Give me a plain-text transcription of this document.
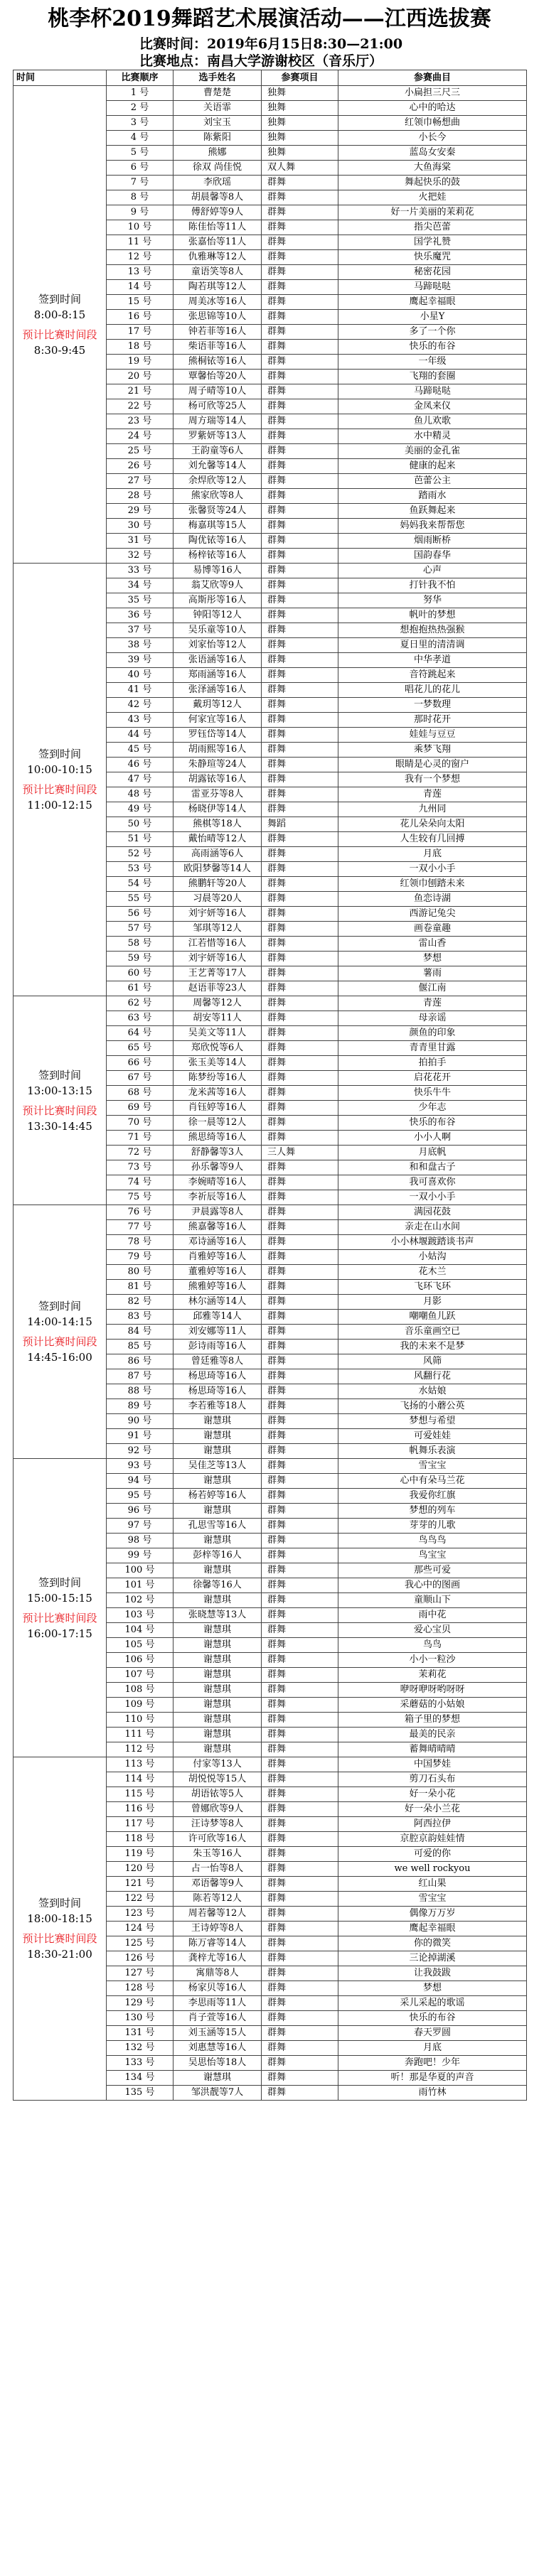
桃李杯2019舞蹈艺术展演活动——江西选拔赛
比赛时间：2019年6月15日8:30—21:00
比赛地点：南昌大学游谢校区（音乐厅）
时间	比赛顺序	选手姓名	参赛项目	参赛曲目

签到时间
8:00-8:15
预计比赛时间段
8:30-9:45	1 号	曹楚楚	独舞	小扁担三尺三
	2 号	关语霏	独舞	心中的哈达
	3 号	刘宝玉	独舞	红领巾畅想曲
	4 号	陈紫阳	独舞	小长今
	5 号	熊娜	独舞	蓝岛女安秦
	6 号	徐双 尚佳悦	双人舞	大鱼海棠
	7 号	李欣瑶	群舞	舞起快乐的鼓
	8 号	胡晨馨等8人	群舞	火把娃
	9 号	傅舒婷等9人	群舞	好一片美丽的茉莉花
	10 号	陈佳怡等11人	群舞	指尖芭蕾
	11 号	张嘉怡等11人	群舞	国学礼赞
	12 号	仇雅琳等12人	群舞	快乐魔咒
	13 号	童语笑等8人	群舞	秘密花园
	14 号	陶若琪等12人	群舞	马蹄哒哒
	15 号	周美冰等16人	群舞	鹰起幸福眼
	16 号	张思锦等10人	群舞	小星Y
	17 号	钟若菲等16人	群舞	多了一个你
	18 号	柴语菲等16人	群舞	快乐的布谷
	19 号	熊桐铱等16人	群舞	一年级
	20 号	覃馨怡等20人	群舞	飞翔的套圈
	21 号	周子晴等10人	群舞	马蹄哒哒
	22 号	杨可欣等25人	群舞	金凤来仪
	23 号	周方瑞等14人	群舞	鱼儿欢歌
	24 号	罗紫妍等13人	群舞	水中精灵
	25 号	王韵童等6人	群舞	美丽的金孔雀
	26 号	刘允馨等14人	群舞	健康的起来
	27 号	余焊欣等12人	群舞	芭蕾公主
	28 号	熊家欣等8人	群舞	踏雨水
	29 号	张馨贤等24人	群舞	鱼跃舞起来
	30 号	梅嘉琪等15人	群舞	妈妈我来帮帮您
	31 号	陶优铱等16人	群舞	烟雨断桥
	32 号	杨梓铱等16人	群舞	国韵春华

签到时间
10:00-10:15
预计比赛时间段
11:00-12:15	33 号	易博等16人	群舞	心声
	34 号	翁艾欣等9人	群舞	打针我不怕
	35 号	高斯彤等16人	群舞	努华
	36 号	钟阳等12人	群舞	帆叶的梦想
	37 号	吴乐童等10人	群舞	想抱抱热热强猴
	38 号	刘家怡等12人	群舞	夏日里的清清调
	39 号	张语涵等16人	群舞	中华孝道
	40 号	郑雨涵等16人	群舞	音符跳起来
	41 号	张泽涵等16人	群舞	唱花儿的花儿
	42 号	戴玥等12人	群舞	一梦数理
	43 号	何家宜等16人	群舞	那时花开
	44 号	罗钰岱等14人	群舞	娃娃与豆豆
	45 号	胡雨熙等16人	群舞	乘梦飞翔
	46 号	朱静瑄等24人	群舞	眼睛是心灵的窗户
	47 号	胡露铱等16人	群舞	我有一个梦想
	48 号	雷亚芬等8人	群舞	青莲
	49 号	杨晓伊等14人	群舞	九州同
	50 号	熊棋等18人	舞蹈	花儿朵朵向太阳
	51 号	戴怡晴等12人	群舞	人生较有几回搏
	52 号	高雨涵等6人	群舞	月底
	53 号	欧阳梦馨等14人	群舞	一双小小手
	54 号	熊鹏轩等20人	群舞	红领巾刨踏未来
	55 号	习晨等20人	群舞	鱼恋诗湖
	56 号	刘宇妍等16人	群舞	西游记兔尖
	57 号	邹琪等12人	群舞	画卷童趣
	58 号	江若惜等16人	群舞	雷山香
	59 号	刘宇妍等16人	群舞	梦想
	60 号	王艺菁等17人	群舞	薯雨
	61 号	赵语菲等23人	群舞	偃江南

签到时间
13:00-13:15
预计比赛时间段
13:30-14:45	62 号	周馨等12人	群舞	青莲
	63 号	胡安等11人	群舞	母亲谣
	64 号	吴美文等11人	群舞	颜鱼的印象
	65 号	郑欣悦等6人	群舞	青青里甘露
	66 号	张玉美等14人	群舞	拍拍手
	67 号	陈梦纷等16人	群舞	启花花开
	68 号	龙米茜等16人	群舞	快乐牛牛
	69 号	肖钰婷等16人	群舞	少年志
	70 号	徐一晨等12人	群舞	快乐的布谷
	71 号	熊思绮等16人	群舞	小小人啊
	72 号	舒静馨等3人	三人舞	月底帆
	73 号	孙乐馨等9人	群舞	和和盘古子
	74 号	李婉晴等16人	群舞	我可喜欢你
	75 号	李祈辰等16人	群舞	一双小小手

签到时间
14:00-14:15
预计比赛时间段
14:45-16:00	76 号	尹晨露等8人	群舞	满园花鼓
	77 号	熊嘉馨等16人	群舞	亲走在山水间
	78 号	邓诗涵等16人	群舞	小小林堰踱踏谈书声
	79 号	肖雅婷等16人	群舞	小姑沟
	80 号	董雅婷等16人	群舞	花木兰
	81 号	熊雅婷等16人	群舞	飞环飞环
	82 号	林尔涵等14人	群舞	月影
	83 号	邱雅等14人	群舞	嘲嘲鱼儿跃
	84 号	刘安娜等11人	群舞	音乐童画空已
	85 号	彭诗雨等16人	群舞	我的未来不是梦
	86 号	曾廷雅等8人	群舞	风筛
	87 号	杨思琦等16人	群舞	风翻行花
	88 号	杨思琦等16人	群舞	水姑娘
	89 号	李若雅等18人	群舞	飞扬的小蘑公英
	90 号	谢慧琪	群舞	梦想与希望
	91 号	谢慧琪	群舞	可爱娃娃
	92 号	谢慧琪	群舞	帆舞乐表演

签到时间
15:00-15:15
预计比赛时间段
16:00-17:15	93 号	吴佳芝等13人	群舞	雪宝宝
	94 号	谢慧琪	群舞	心中有朵马兰花
	95 号	杨若婷等16人	群舞	我爱你红旗
	96 号	谢慧琪	群舞	梦想的列车
	97 号	孔思雪等16人	群舞	芽芽的儿歌
	98 号	谢慧琪	群舞	鸟鸟鸟
	99 号	彭梓等16人	群舞	鸟宝宝
	100 号	谢慧琪	群舞	那些可爱
	101 号	徐馨等16人	群舞	我心中的图画
	102 号	谢慧琪	群舞	童顺山下
	103 号	张晓慧等13人	群舞	雨中花
	104 号	谢慧琪	群舞	爱心宝贝
	105 号	谢慧琪	群舞	鸟鸟
	106 号	谢慧琪	群舞	小小一粒沙
	107 号	谢慧琪	群舞	茉莉花
	108 号	谢慧琪	群舞	咿呀咿呀哟呀呀
	109 号	谢慧琪	群舞	采蘑菇的小姑娘
	110 号	谢慧琪	群舞	箱子里的梦想
	111 号	谢慧琪	群舞	最美的民亲
	112 号	谢慧琪	群舞	蓄舞晴晴晴

签到时间
18:00-18:15
预计比赛时间段
18:30-21:00	113 号	付家等13人	群舞	中国梦娃
	114 号	胡悦悦等15人	群舞	剪刀石头布
	115 号	胡语铱等5人	群舞	好一朵小花
	116 号	曾娜欣等9人	群舞	好一朵小兰花
	117 号	汪诗梦等8人	群舞	阿西拉伊
	118 号	许可欣等16人	群舞	京腔京韵娃娃情
	119 号	朱玉等16人	群舞	可爱的你
	120 号	占一怡等8人	群舞	we well rockyou
	121 号	邓语馨等9人	群舞	红山果
	122 号	陈若等12人	群舞	雪宝宝
	123 号	周若馨等12人	群舞	偶像万万岁
	124 号	王诗婷等8人	群舞	鹰起幸福眼
	125 号	陈万睿等14人	群舞	你的微笑
	126 号	龚梓尤等16人	群舞	三论掉湖溪
	127 号	寓鼎等8人	群舞	让我鼓跋
	128 号	杨家贝等16人	群舞	梦想
	129 号	李思雨等11人	群舞	采儿采起的歌谣
	130 号	肖子萱等16人	群舞	快乐的布谷
	131 号	刘玉涵等15人	群舞	春天罗圆
	132 号	刘惠慧等16人	群舞	月底
	133 号	吴思怡等18人	群舞	奔跑吧！少年
	134 号	谢慧琪	群舞	听！那是华夏的声音
	135 号	邹洪靓等7人	群舞	雨竹林
